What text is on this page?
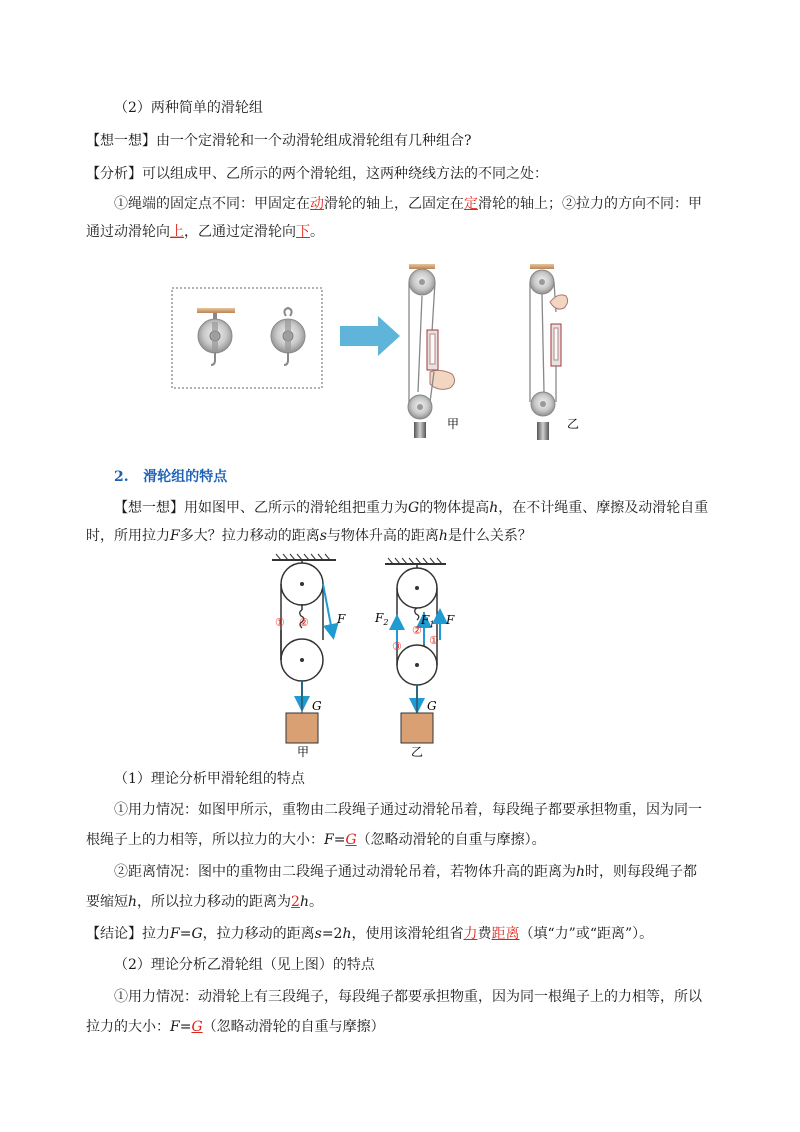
（2）两种简单的滑轮组
【想一想】由一个定滑轮和一个动滑轮组成滑轮组有几种组合?
【分析】可以组成甲、乙所示的两个滑轮组，这两种绕线方法的不同之处：
①绳端的固定点不同：甲固定在动滑轮的轴上，乙固定在定滑轮的轴上；②拉力的方向不同：甲
通过动滑轮向上，乙通过定滑轮向下。
甲	乙
2. 滑轮组的特点
【想一想】用如图甲、乙所示的滑轮组把重力为G的物体提高h，在不计绳重、摩擦及动滑轮自重
时，所用拉力F多大？拉力移动的距离s与物体升高的距离h是什么关系？
F
G
① ②
甲
$F_2$	$F_1$ F
G
②
③ ①
乙
（1）理论分析甲滑轮组的特点
①用力情况：如图甲所示，重物由二段绳子通过动滑轮吊着，每段绳子都要承担物重，因为同一
根绳子上的力相等，所以拉力的大小：F=G（忽略动滑轮的自重与摩擦）。
②距离情况：图中的重物由二段绳子通过动滑轮吊着，若物体升高的距离为h时，则每段绳子都
要缩短h，所以拉力移动的距离为2h。
【结论】拉力F=G，拉力移动的距离s=2h，使用该滑轮组省力费距离（填“力”或“距离”）。
（2）理论分析乙滑轮组（见上图）的特点
①用力情况：动滑轮上有三段绳子，每段绳子都要承担物重，因为同一根绳子上的力相等，所以
拉力的大小：F=G（忽略动滑轮的自重与摩擦）
